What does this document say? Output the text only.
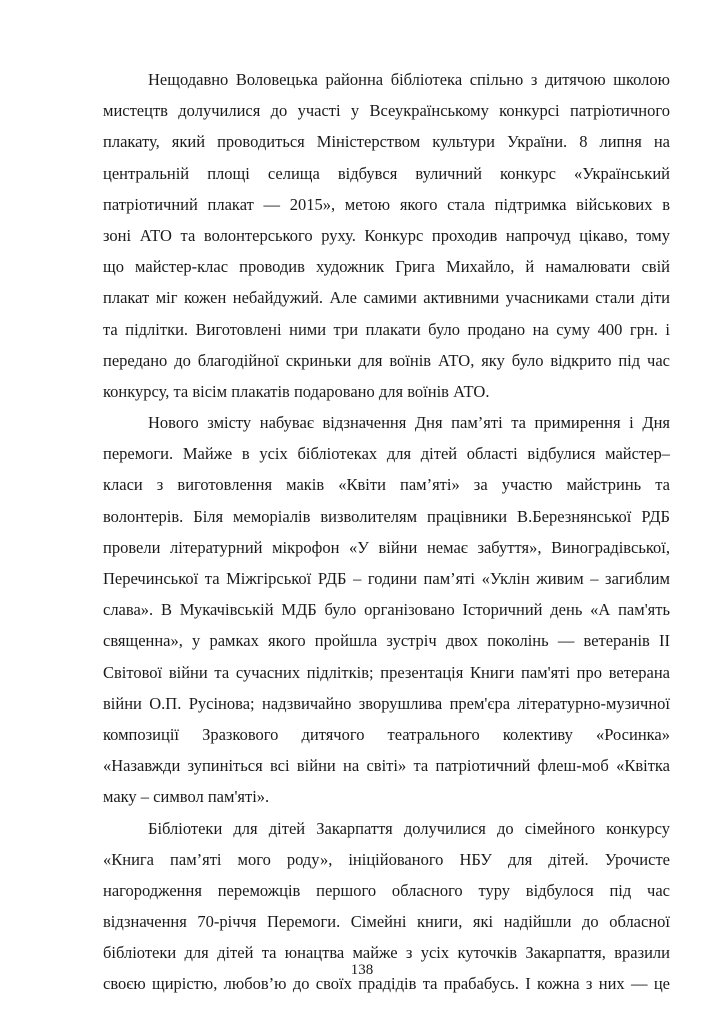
Нещодавно Воловецька районна бібліотека спільно з дитячою школою
мистецтв долучилися до участі у Всеукраїнському конкурсі патріотичного
плакату, який проводиться Міністерством культури України. 8 липня на
центральній площі селища відбувся вуличний конкурс «Український
патріотичний плакат — 2015», метою якого стала підтримка військових в
зоні АТО та волонтерського руху. Конкурс проходив напрочуд цікаво, тому
що майстер-клас проводив художник Грига Михайло, й намалювати свій
плакат міг кожен небайдужий. Але самими активними учасниками стали діти
та підлітки. Виготовлені ними три плакати було продано на суму 400 грн. і
передано до благодійної скриньки для воїнів АТО, яку було відкрито під час
конкурсу, та вісім плакатів подаровано для воїнів АТО.
Нового змісту набуває відзначення Дня пам’яті та примирення і Дня
перемоги. Майже в усіх бібліотеках для дітей області відбулися майстер–
класи з виготовлення маків «Квіти пам’яті» за участю майстринь та
волонтерів. Біля меморіалів визволителям працівники В.Березнянської РДБ
провели літературний мікрофон «У війни немає забуття», Виноградівської,
Перечинської та Міжгірської РДБ – години пам’яті «Уклін живим – загиблим
слава». В Мукачівській МДБ було організовано Історичний день «А пам'ять
священна», у рамках якого пройшла зустріч двох поколінь — ветеранів ІІ
Світової війни та сучасних підлітків; презентація Книги пам'яті про ветерана
війни О.П. Русінова; надзвичайно зворушлива прем'єра літературно-музичної
композиції Зразкового дитячого театрального колективу «Росинка»
«Назавжди зупиніться всі війни на світі» та патріотичний флеш-моб «Квітка
маку – символ пам'яті».
Бібліотеки для дітей Закарпаття долучилися до сімейного конкурсу
«Книга пам’яті мого роду», ініційованого НБУ для дітей. Урочисте
нагородження переможців першого обласного туру відбулося під час
відзначення 70-річчя Перемоги. Сімейні книги, які надійшли до обласної
бібліотеки для дітей та юнацтва майже з усіх куточків Закарпаття, вразили
своєю щирістю, любов’ю до своїх прадідів та прабабусь. І кожна з них — це
138
